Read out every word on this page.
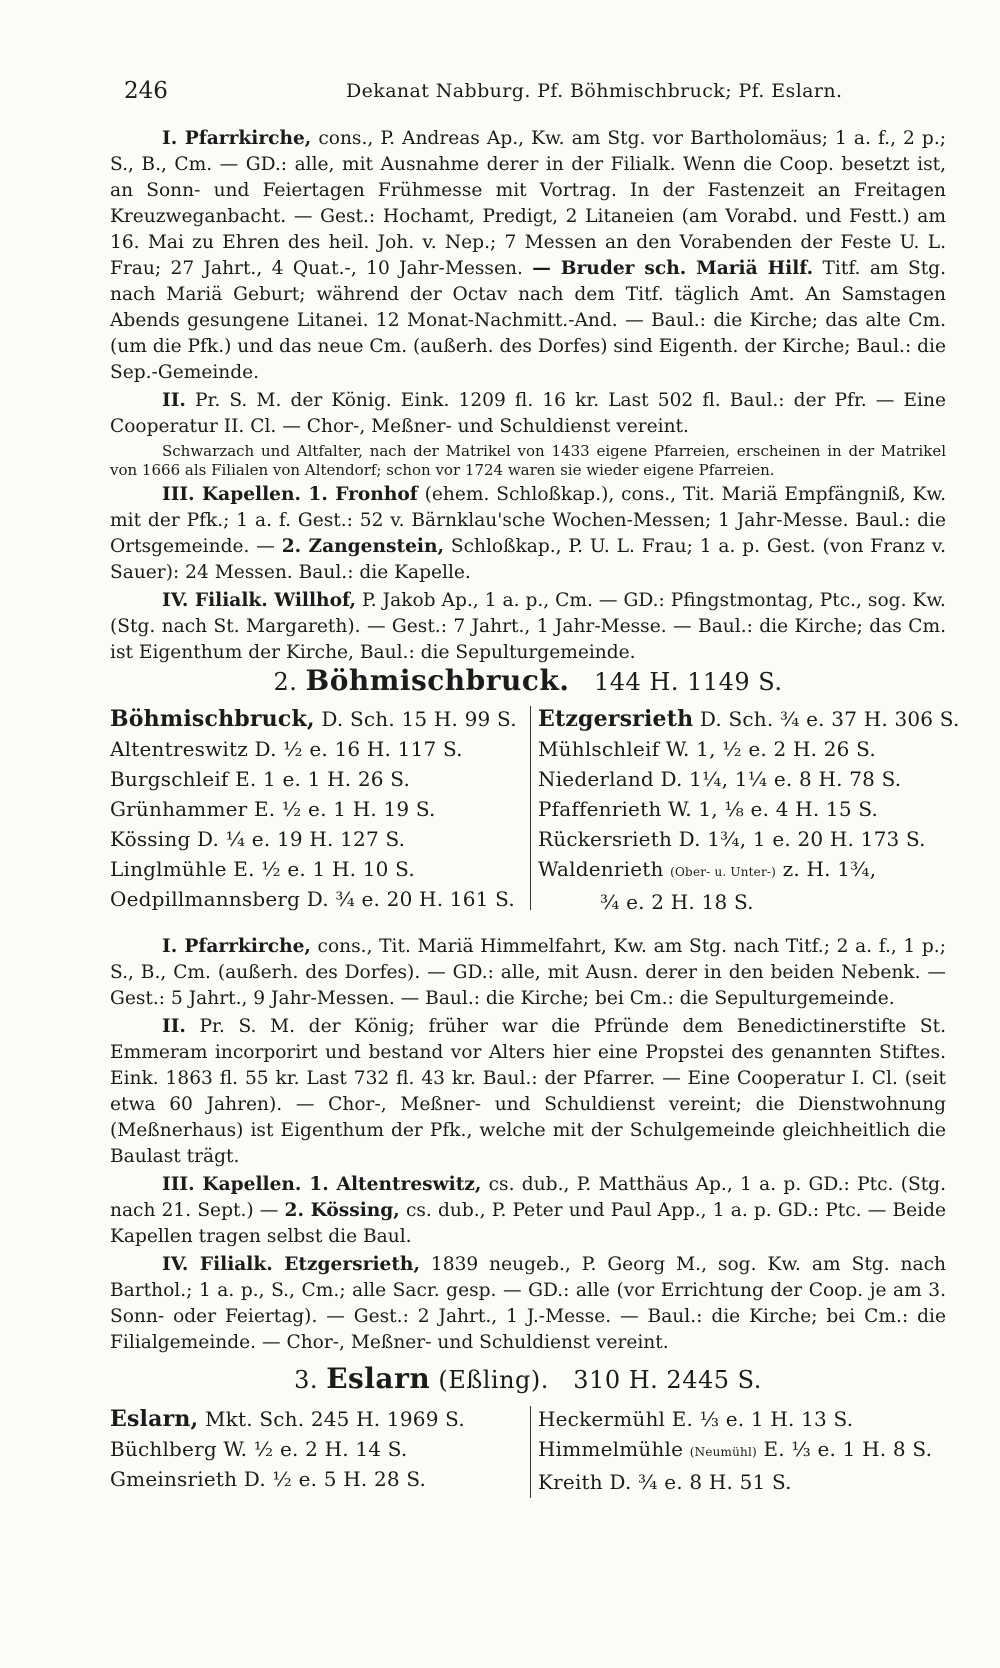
246	Dekanat Nabburg. Pf. Böhmischbruck; Pf. Eslarn.

I. Pfarrkirche, cons., P. Andreas Ap., Kw. am Stg. vor Bartholomäus; 1 a. f., 2 p.; S., B., Cm. — GD.: alle, mit Ausnahme derer in der Filialk. Wenn die Coop. besetzt ist, an Sonn- und Feiertagen Frühmesse mit Vortrag. In der Fastenzeit an Freitagen Kreuzweganbacht. — Gest.: Hochamt, Predigt, 2 Litaneien (am Vorabd. und Festt.) am 16. Mai zu Ehren des heil. Joh. v. Nep.; 7 Messen an den Vorabenden der Feste U. L. Frau; 27 Jahrt., 4 Quat.-, 10 Jahr-Messen. — Bruder sch. Mariä Hilf. Titf. am Stg. nach Mariä Geburt; während der Octav nach dem Titf. täglich Amt. An Samstagen Abends gesungene Litanei. 12 Monat-Nachmitt.-And. — Baul.: die Kirche; das alte Cm. (um die Pfk.) und das neue Cm. (außerh. des Dorfes) sind Eigenth. der Kirche; Baul.: die Sep.-Gemeinde.

II. Pr. S. M. der König. Eink. 1209 fl. 16 kr. Last 502 fl. Baul.: der Pfr. — Eine Cooperatur II. Cl. — Chor-, Meßner- und Schuldienst vereint.

Schwarzach und Altfalter, nach der Matrikel von 1433 eigene Pfarreien, erscheinen in der Matrikel von 1666 als Filialen von Altendorf; schon vor 1724 waren sie wieder eigene Pfarreien.

III. Kapellen. 1. Fronhof (ehem. Schloßkap.), cons., Tit. Mariä Empfängniß, Kw. mit der Pfk.; 1 a. f. Gest.: 52 v. Bärnklau'sche Wochen-Messen; 1 Jahr-Messe. Baul.: die Ortsgemeinde. — 2. Zangenstein, Schloßkap., P. U. L. Frau; 1 a. p. Gest. (von Franz v. Sauer): 24 Messen. Baul.: die Kapelle.

IV. Filialk. Willhof, P. Jakob Ap., 1 a. p., Cm. — GD.: Pfingstmontag, Ptc., sog. Kw. (Stg. nach St. Margareth). — Gest.: 7 Jahrt., 1 Jahr-Messe. — Baul.: die Kirche; das Cm. ist Eigenthum der Kirche, Baul.: die Sepulturgemeinde.

2. Böhmischbruck. 144 H. 1149 S.
Böhmischbruck, D. Sch. 15 H. 99 S.
Altentreswitz D. ½ e. 16 H. 117 S.
Burgschleif E. 1 e. 1 H. 26 S.
Grünhammer E. ½ e. 1 H. 19 S.
Kössing D. ¼ e. 19 H. 127 S.
Linglmühle E. ½ e. 1 H. 10 S.
Oedpillmannsberg D. ¾ e. 20 H. 161 S.
Etzgersrieth D. Sch. ¾ e. 37 H. 306 S.
Mühlschleif W. 1, ½ e. 2 H. 26 S.
Niederland D. 1¼, 1¼ e. 8 H. 78 S.
Pfaffenrieth W. 1, ⅛ e. 4 H. 15 S.
Rückersrieth D. 1¾, 1 e. 20 H. 173 S.
Waldenrieth (Ober- u. Unter-) z. H. 1¾,
¾ e. 2 H. 18 S.

I. Pfarrkirche, cons., Tit. Mariä Himmelfahrt, Kw. am Stg. nach Titf.; 2 a. f., 1 p.; S., B., Cm. (außerh. des Dorfes). — GD.: alle, mit Ausn. derer in den beiden Nebenk. — Gest.: 5 Jahrt., 9 Jahr-Messen. — Baul.: die Kirche; bei Cm.: die Sepulturgemeinde.

II. Pr. S. M. der König; früher war die Pfründe dem Benedictinerstifte St. Emmeram incorporirt und bestand vor Alters hier eine Propstei des genannten Stiftes. Eink. 1863 fl. 55 kr. Last 732 fl. 43 kr. Baul.: der Pfarrer. — Eine Cooperatur I. Cl. (seit etwa 60 Jahren). — Chor-, Meßner- und Schuldienst vereint; die Dienstwohnung (Meßnerhaus) ist Eigenthum der Pfk., welche mit der Schulgemeinde gleichheitlich die Baulast trägt.

III. Kapellen. 1. Altentreswitz, cs. dub., P. Matthäus Ap., 1 a. p. GD.: Ptc. (Stg. nach 21. Sept.) — 2. Kössing, cs. dub., P. Peter und Paul App., 1 a. p. GD.: Ptc. — Beide Kapellen tragen selbst die Baul.

IV. Filialk. Etzgersrieth, 1839 neugeb., P. Georg M., sog. Kw. am Stg. nach Barthol.; 1 a. p., S., Cm.; alle Sacr. gesp. — GD.: alle (vor Errichtung der Coop. je am 3. Sonn- oder Feiertag). — Gest.: 2 Jahrt., 1 J.-Messe. — Baul.: die Kirche; bei Cm.: die Filialgemeinde. — Chor-, Meßner- und Schuldienst vereint.

3. Eslarn (Eßling). 310 H. 2445 S.
Eslarn, Mkt. Sch. 245 H. 1969 S.
Büchlberg W. ½ e. 2 H. 14 S.
Gmeinsrieth D. ½ e. 5 H. 28 S.
Heckermühl E. ⅓ e. 1 H. 13 S.
Himmelmühle (Neumühl) E. ⅓ e. 1 H. 8 S.
Kreith D. ¾ e. 8 H. 51 S.
